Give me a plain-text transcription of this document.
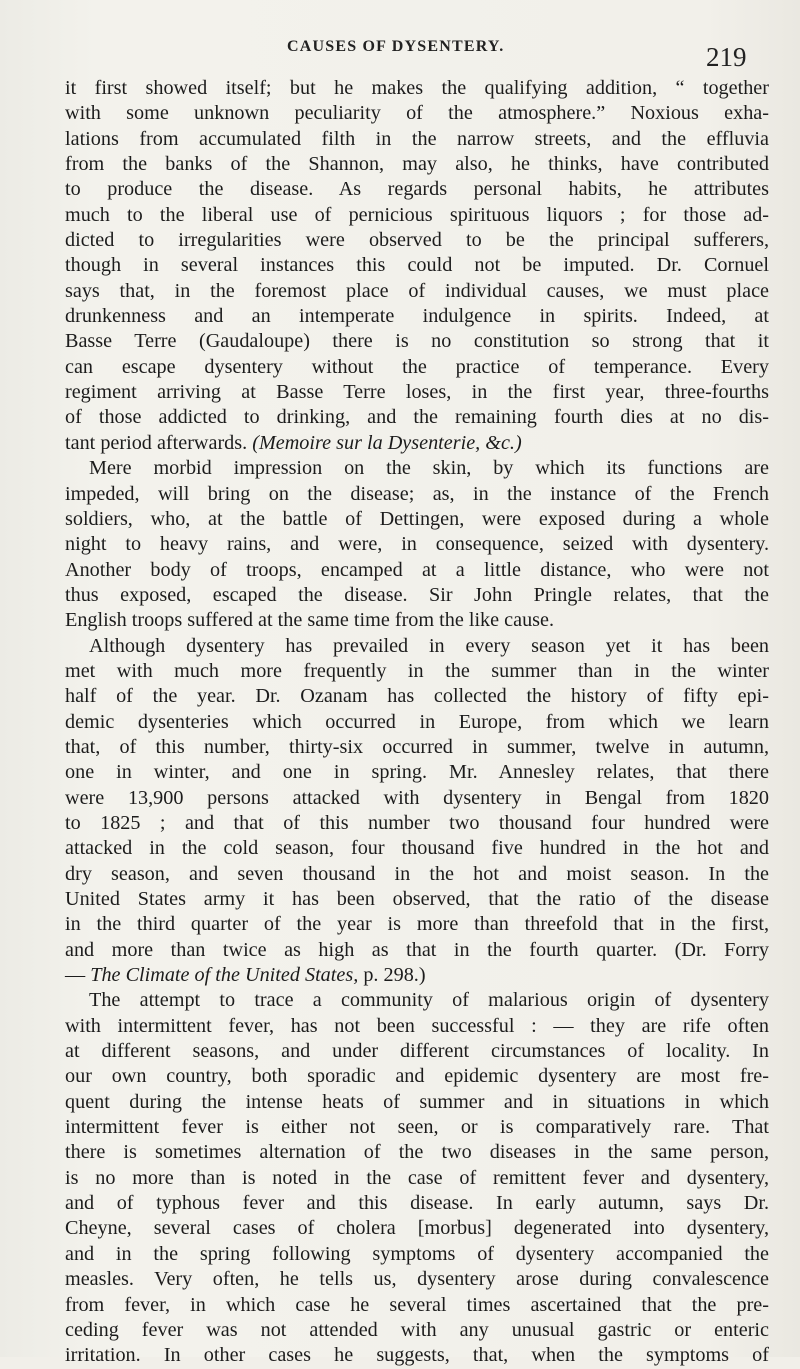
CAUSES OF DYSENTERY.	219
it first showed itself; but he makes the qualifying addition, “ together
with some unknown peculiarity of the atmosphere.” Noxious exha-
lations from accumulated filth in the narrow streets, and the effluvia
from the banks of the Shannon, may also, he thinks, have contributed
to produce the disease. As regards personal habits, he attributes
much to the liberal use of pernicious spirituous liquors ; for those ad-
dicted to irregularities were observed to be the principal sufferers,
though in several instances this could not be imputed. Dr. Cornuel
says that, in the foremost place of individual causes, we must place
drunkenness and an intemperate indulgence in spirits. Indeed, at
Basse Terre (Gaudaloupe) there is no constitution so strong that it
can escape dysentery without the practice of temperance. Every
regiment arriving at Basse Terre loses, in the first year, three-fourths
of those addicted to drinking, and the remaining fourth dies at no dis-
tant period afterwards. (Memoire sur la Dysenterie, &c.)
Mere morbid impression on the skin, by which its functions are
impeded, will bring on the disease; as, in the instance of the French
soldiers, who, at the battle of Dettingen, were exposed during a whole
night to heavy rains, and were, in consequence, seized with dysentery.
Another body of troops, encamped at a little distance, who were not
thus exposed, escaped the disease. Sir John Pringle relates, that the
English troops suffered at the same time from the like cause.
Although dysentery has prevailed in every season yet it has been
met with much more frequently in the summer than in the winter
half of the year. Dr. Ozanam has collected the history of fifty epi-
demic dysenteries which occurred in Europe, from which we learn
that, of this number, thirty-six occurred in summer, twelve in autumn,
one in winter, and one in spring. Mr. Annesley relates, that there
were 13,900 persons attacked with dysentery in Bengal from 1820
to 1825 ; and that of this number two thousand four hundred were
attacked in the cold season, four thousand five hundred in the hot and
dry season, and seven thousand in the hot and moist season. In the
United States army it has been observed, that the ratio of the disease
in the third quarter of the year is more than threefold that in the first,
and more than twice as high as that in the fourth quarter. (Dr. Forry
— The Climate of the United States, p. 298.)
The attempt to trace a community of malarious origin of dysentery
with intermittent fever, has not been successful : — they are rife often
at different seasons, and under different circumstances of locality. In
our own country, both sporadic and epidemic dysentery are most fre-
quent during the intense heats of summer and in situations in which
intermittent fever is either not seen, or is comparatively rare. That
there is sometimes alternation of the two diseases in the same person,
is no more than is noted in the case of remittent fever and dysentery,
and of typhous fever and this disease. In early autumn, says Dr.
Cheyne, several cases of cholera [morbus] degenerated into dysentery,
and in the spring following symptoms of dysentery accompanied the
measles. Very often, he tells us, dysentery arose during convalescence
from fever, in which case he several times ascertained that the pre-
ceding fever was not attended with any unusual gastric or enteric
irritation. In other cases he suggests, that, when the symptoms of
